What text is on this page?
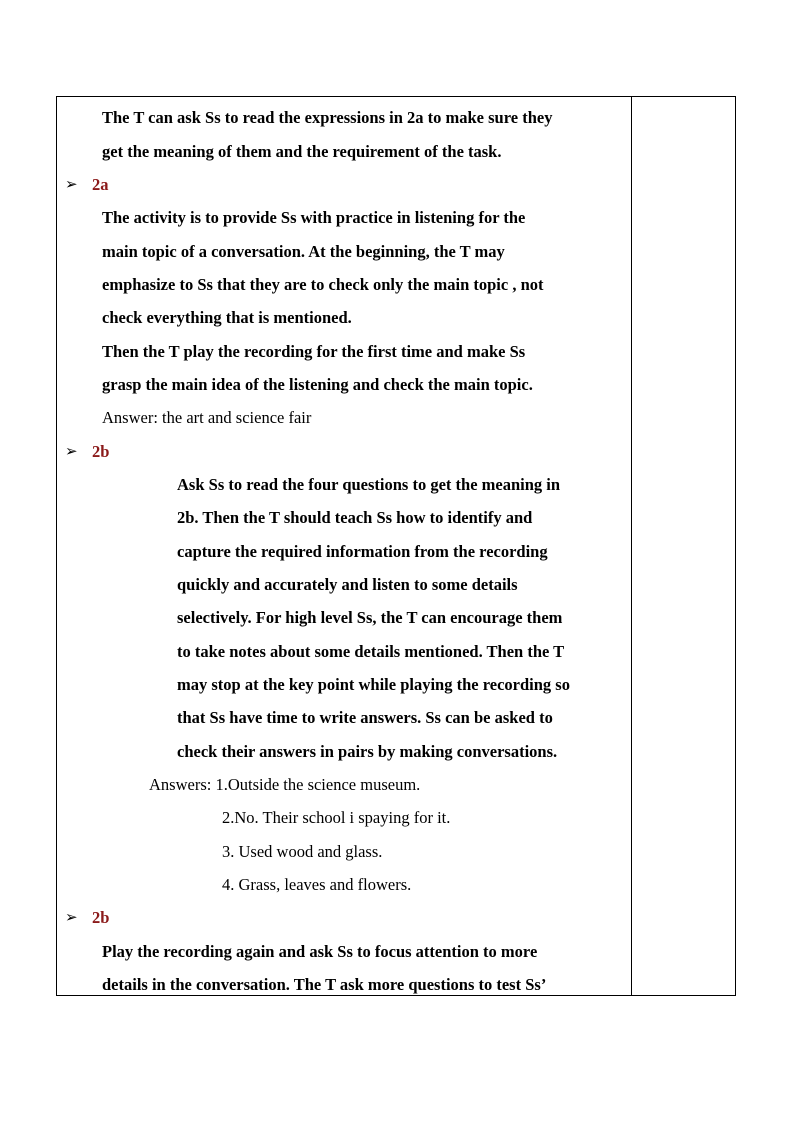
The T can ask Ss to read the expressions in 2a to make sure they
get the meaning of them and the requirement of the task.
➢ 2a
The activity is to provide Ss with practice in listening for the
main topic of a conversation. At the beginning, the T may
emphasize to Ss that they are to check only the main topic , not
check everything that is mentioned.
Then the T play the recording for the first time and make Ss
grasp the main idea of the listening and check the main topic.
Answer: the art and science fair
➢ 2b
Ask Ss to read the four questions to get the meaning in
2b. Then the T should teach Ss how to identify and
capture the required information from the recording
quickly and accurately and listen to some details
selectively. For high level Ss, the T can encourage them
to take notes about some details mentioned. Then the T
may stop at the key point while playing the recording so
that Ss have time to write answers. Ss can be asked to
check their answers in pairs by making conversations.
Answers: 1.Outside the science museum.
2.No. Their school i spaying for it.
3. Used wood and glass.
4. Grass, leaves and flowers.
➢ 2b
Play the recording again and ask Ss to focus attention to more
details in the conversation. The T ask more questions to test Ss’
